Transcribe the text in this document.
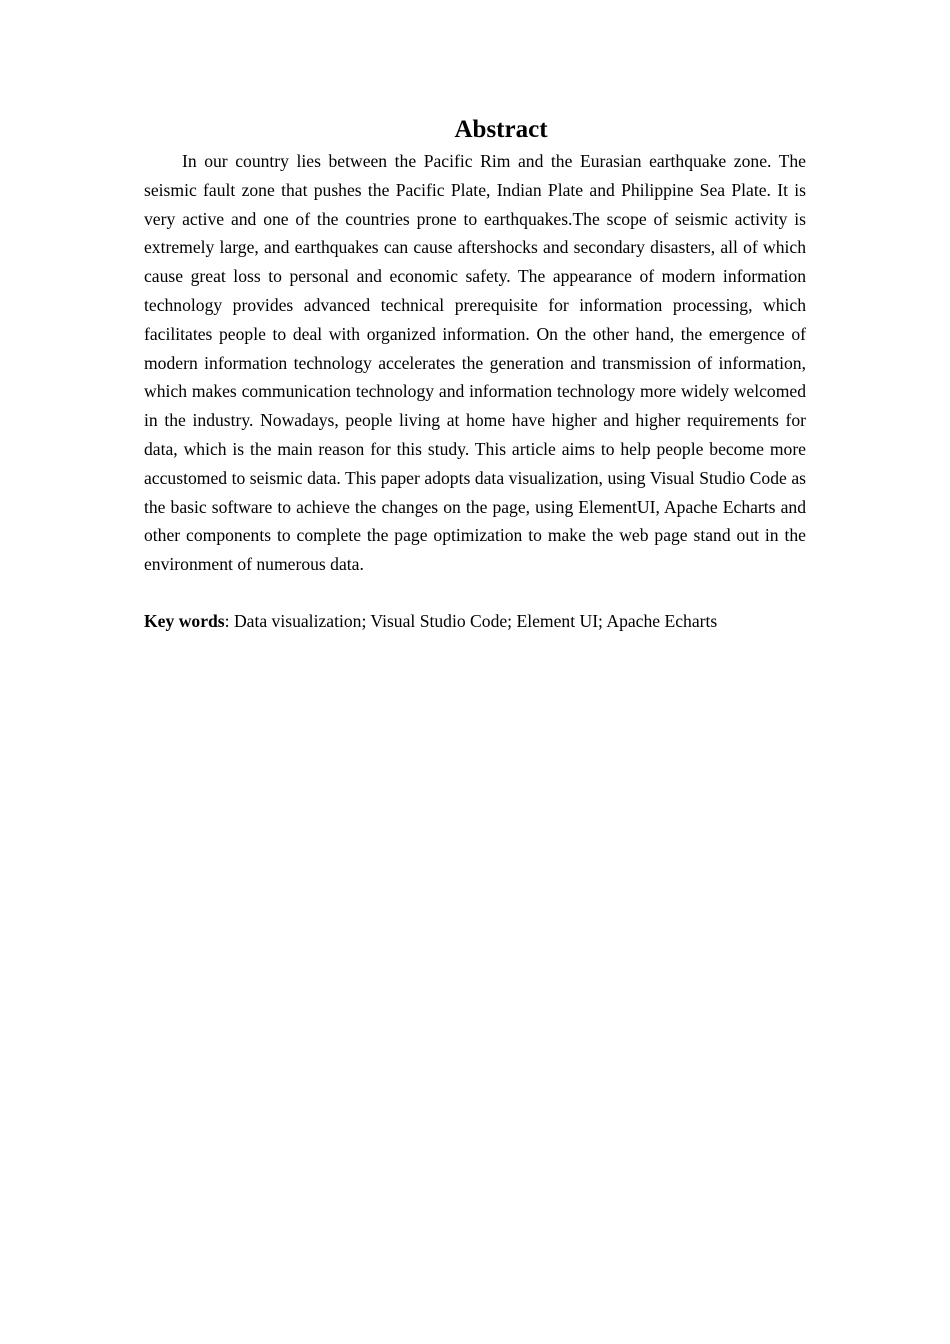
Abstract

In our country lies between the Pacific Rim and the Eurasian earthquake zone. The seismic fault zone that pushes the Pacific Plate, Indian Plate and Philippine Sea Plate. It is very active and one of the countries prone to earthquakes.The scope of seismic activity is extremely large, and earthquakes can cause aftershocks and secondary disasters, all of which cause great loss to personal and economic safety. The appearance of modern information technology provides advanced technical prerequisite for information processing, which facilitates people to deal with organized information. On the other hand, the emergence of modern information technology accelerates the generation and transmission of information, which makes communication technology and information technology more widely welcomed in the industry. Nowadays, people living at home have higher and higher requirements for data, which is the main reason for this study. This article aims to help people become more accustomed to seismic data. This paper adopts data visualization, using Visual Studio Code as the basic software to achieve the changes on the page, using ElementUI, Apache Echarts and other components to complete the page optimization to make the web page stand out in the environment of numerous data.

Key words: Data visualization; Visual Studio Code; Element UI; Apache Echarts
